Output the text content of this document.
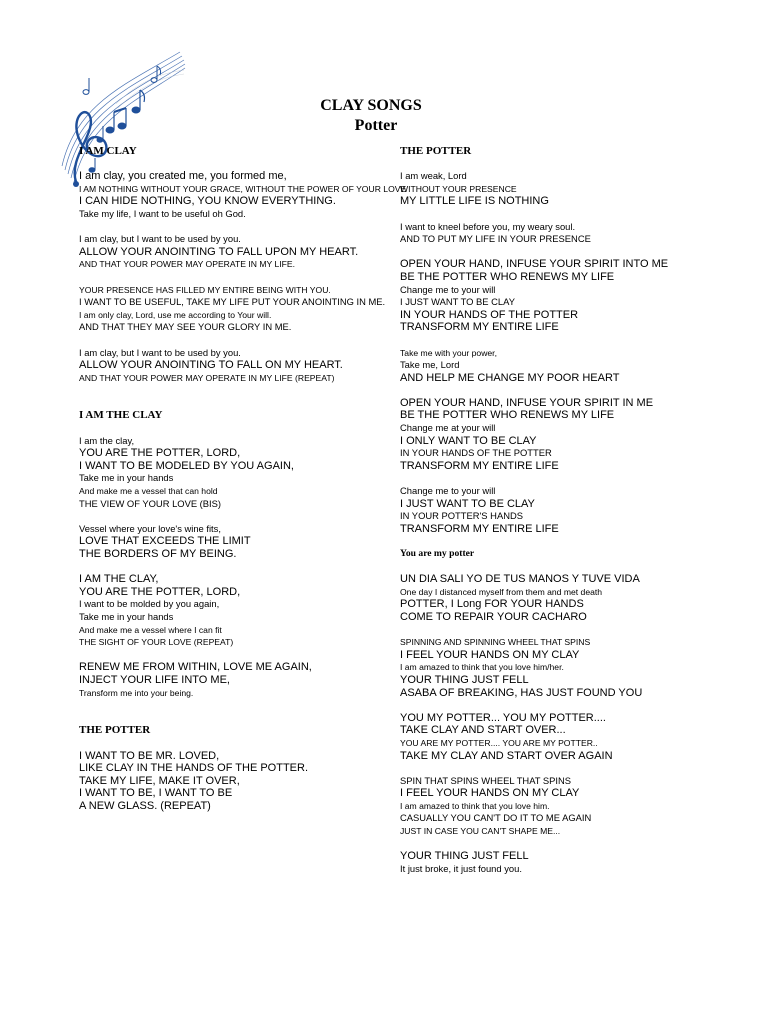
CLAY SONGS
Potter
I AM CLAY
I am clay, you created me, you formed me,
I AM NOTHING WITHOUT YOUR GRACE, WITHOUT THE POWER OF YOUR LOVE
I CAN HIDE NOTHING, YOU KNOW EVERYTHING.
Take my life, I want to be useful oh God.
I am clay, but I want to be used by you.
ALLOW YOUR ANOINTING TO FALL UPON MY HEART.
AND THAT YOUR POWER MAY OPERATE IN MY LIFE.
YOUR PRESENCE HAS FILLED MY ENTIRE BEING WITH YOU.
I WANT TO BE USEFUL, TAKE MY LIFE PUT YOUR ANOINTING IN ME.
I am only clay, Lord, use me according to Your will.
AND THAT THEY MAY SEE YOUR GLORY IN ME.
I am clay, but I want to be used by you.
ALLOW YOUR ANOINTING TO FALL ON MY HEART.
AND THAT YOUR POWER MAY OPERATE IN MY LIFE (REPEAT)
I AM THE CLAY
I am the clay,
YOU ARE THE POTTER, LORD,
I WANT TO BE MODELED BY YOU AGAIN,
Take me in your hands
And make me a vessel that can hold
THE VIEW OF YOUR LOVE (BIS)
Vessel where your love's wine fits,
LOVE THAT EXCEEDS THE LIMIT
THE BORDERS OF MY BEING.
I AM THE CLAY,
YOU ARE THE POTTER, LORD,
I want to be molded by you again,
Take me in your hands
And make me a vessel where I can fit
THE SIGHT OF YOUR LOVE (REPEAT)
RENEW ME FROM WITHIN, LOVE ME AGAIN,
INJECT YOUR LIFE INTO ME,
Transform me into your being.
THE POTTER
I WANT TO BE MR. LOVED,
LIKE CLAY IN THE HANDS OF THE POTTER.
TAKE MY LIFE, MAKE IT OVER,
I WANT TO BE, I WANT TO BE
A NEW GLASS. (REPEAT)
THE POTTER
I am weak, Lord
WITHOUT YOUR PRESENCE
MY LITTLE LIFE IS NOTHING
I want to kneel before you, my weary soul.
AND TO PUT MY LIFE IN YOUR PRESENCE
OPEN YOUR HAND, INFUSE YOUR SPIRIT INTO ME
BE THE POTTER WHO RENEWS MY LIFE
Change me to your will
I JUST WANT TO BE CLAY
IN YOUR HANDS OF THE POTTER
TRANSFORM MY ENTIRE LIFE
Take me with your power,
Take me, Lord
AND HELP ME CHANGE MY POOR HEART
OPEN YOUR HAND, INFUSE YOUR SPIRIT IN ME
BE THE POTTER WHO RENEWS MY LIFE
Change me at your will
I ONLY WANT TO BE CLAY
IN YOUR HANDS OF THE POTTER
TRANSFORM MY ENTIRE LIFE
Change me to your will
I JUST WANT TO BE CLAY
IN YOUR POTTER'S HANDS
TRANSFORM MY ENTIRE LIFE
You are my potter
UN DIA SALI YO DE TUS MANOS Y TUVE VIDA
One day I distanced myself from them and met death
POTTER, I Long FOR YOUR HANDS
COME TO REPAIR YOUR CACHARO
SPINNING AND SPINNING WHEEL THAT SPINS
I FEEL YOUR HANDS ON MY CLAY
I am amazed to think that you love him/her.
YOUR THING JUST FELL
ASABA OF BREAKING, HAS JUST FOUND YOU
YOU MY POTTER... YOU MY POTTER....
TAKE CLAY AND START OVER...
YOU ARE MY POTTER.... YOU ARE MY POTTER..
TAKE MY CLAY AND START OVER AGAIN
SPIN THAT SPINS WHEEL THAT SPINS
I FEEL YOUR HANDS ON MY CLAY
I am amazed to think that you love him.
CASUALLY YOU CAN'T DO IT TO ME AGAIN
JUST IN CASE YOU CAN'T SHAPE ME...
YOUR THING JUST FELL
It just broke, it just found you.
